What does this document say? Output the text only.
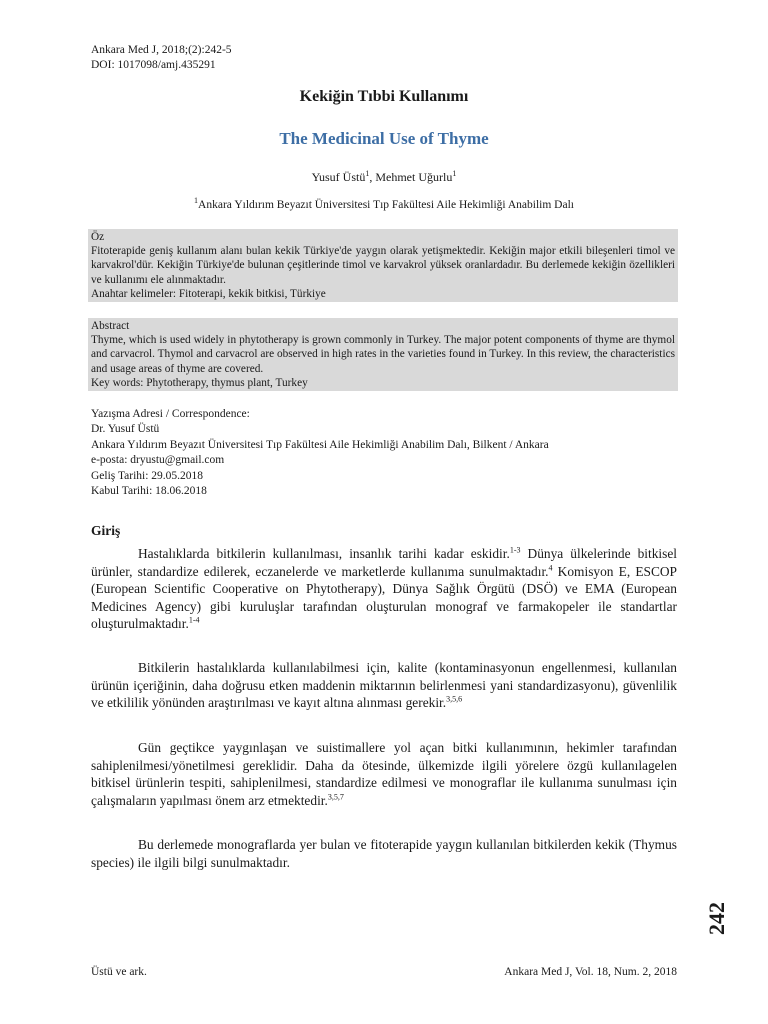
Ankara Med J, 2018;(2):242-5
DOI: 1017098/amj.435291
Kekiğin Tıbbi Kullanımı
The Medicinal Use of Thyme
Yusuf Üstü$^1$, Mehmet Uğurlu$^1$
$^1$Ankara Yıldırım Beyazıt Üniversitesi Tıp Fakültesi Aile Hekimliği Anabilim Dalı

Öz

Fitoterapide geniş kullanım alanı bulan kekik Türkiye'de yaygın olarak yetişmektedir. Kekiğin major etkili bileşenleri timol ve karvakrol'dür. Kekiğin Türkiye'de bulunan çeşitlerinde timol ve karvakrol yüksek oranlardadır. Bu derlemede kekiğin özellikleri ve kullanımı ele alınmaktadır.

Anahtar kelimeler: Fitoterapi, kekik bitkisi, Türkiye

Abstract

Thyme, which is used widely in phytotherapy is grown commonly in Turkey. The major potent components of thyme are thymol and carvacrol. Thymol and carvacrol are observed in high rates in the varieties found in Turkey. In this review, the characteristics and usage areas of thyme are covered.

Key words: Phytotherapy, thymus plant, Turkey

Yazışma Adresi / Correspondence:
Dr. Yusuf Üstü
Ankara Yıldırım Beyazıt Üniversitesi Tıp Fakültesi Aile Hekimliği Anabilim Dalı, Bilkent / Ankara
e-posta: dryustu@gmail.com
Geliş Tarihi: 29.05.2018
Kabul Tarihi: 18.06.2018
Giriş

Hastalıklarda bitkilerin kullanılması, insanlık tarihi kadar eskidir.$^{1-3}$ Dünya ülkelerinde bitkisel ürünler, standardize edilerek, eczanelerde ve marketlerde kullanıma sunulmaktadır.$^4$ Komisyon E, ESCOP (European Scientific Cooperative on Phytotherapy), Dünya Sağlık Örgütü (DSÖ) ve EMA (European Medicines Agency) gibi kuruluşlar tarafından oluşturulan monograf ve farmakopeler ile standartlar oluşturulmaktadır.$^{1-4}$

Bitkilerin hastalıklarda kullanılabilmesi için, kalite (kontaminasyonun engellenmesi, kullanılan ürünün içeriğinin, daha doğrusu etken maddenin miktarının belirlenmesi yani standardizasyonu), güvenlilik ve etkililik yönünden araştırılması ve kayıt altına alınması gerekir.$^{3,5,6}$

Gün geçtikce yaygınlaşan ve suistimallere yol açan bitki kullanımının, hekimler tarafından sahiplenilmesi/yönetilmesi gereklidir. Daha da ötesinde, ülkemizde ilgili yörelere özgü kullanılagelen bitkisel ürünlerin tespiti, sahiplenilmesi, standardize edilmesi ve monograflar ile kullanıma sunulması için çalışmaların yapılması önem arz etmektedir.$^{3,5,7}$

Bu derlemede monograflarda yer bulan ve fitoterapide yaygın kullanılan bitkilerden kekik (Thymus species) ile ilgili bilgi sunulmaktadır.

242
Üstü ve ark.	Ankara Med J, Vol. 18, Num. 2, 2018
